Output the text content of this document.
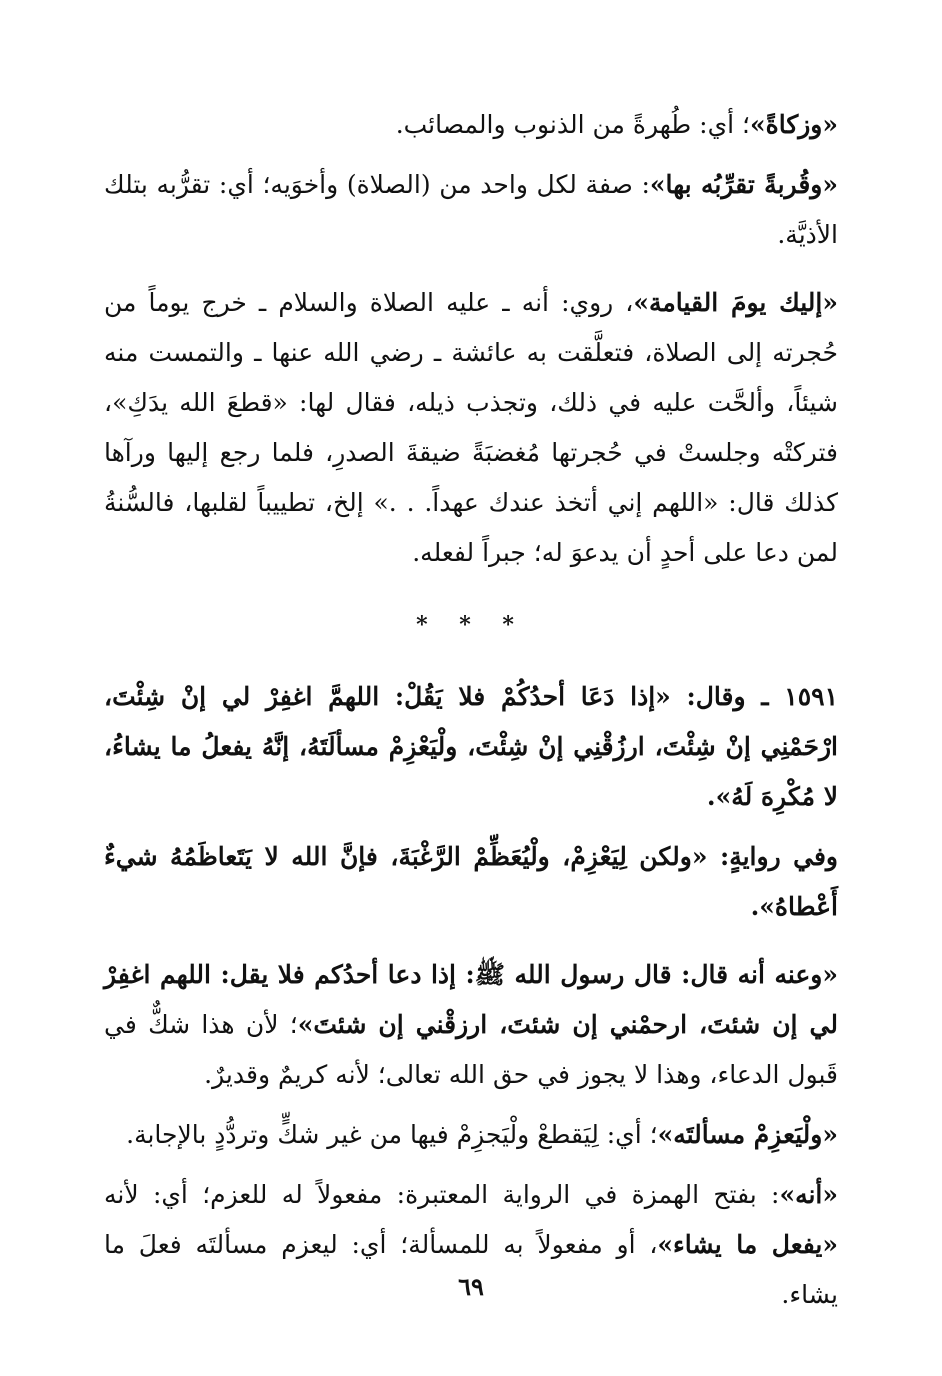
«وزكاةً»؛ أي: طُهرةً من الذنوب والمصائب.

«وقُربةً تقرِّبُه بها»: صفة لكل واحد من (الصلاة) وأخوَيه؛ أي: تقرُّبه بتلك الأذيَّة.

«إليك يومَ القيامة»، روي: أنه ـ عليه الصلاة والسلام ـ خرج يوماً من حُجرته إلى الصلاة، فتعلَّقت به عائشة ـ رضي الله عنها ـ والتمست منه شيئاً، وألحَّت عليه في ذلك، وتجذب ذيله، فقال لها: «قطعَ الله يدَكِ»، فتركتْه وجلستْ في حُجرتها مُغضبَةً ضيقةَ الصدرِ، فلما رجع إليها ورآها كذلك قال: «اللهم إني أتخذ عندك عهداً. . .» إلخ، تطييباً لقلبها، فالسُّنةُ لمن دعا على أحدٍ أن يدعوَ له؛ جبراً لفعله.

* * *

١٥٩١ ـ وقال: «إذا دَعَا أحدُكُمْ فلا يَقُلْ: اللهمَّ اغفِرْ لي إنْ شِئْتَ، ارْحَمْنِي إنْ شِئْتَ، ارزُقْنِي إنْ شِئْتَ، ولْيَعْزِمْ مسألَتَهُ، إنَّهُ يفعلُ ما يشاءُ، لا مُكْرِهَ لَهُ».

وفي روايةٍ: «ولكن لِيَعْزِمْ، ولْيُعَظِّمْ الرَّغْبَةَ، فإنَّ الله لا يَتَعاظَمُهُ شيءٌ أَعْطاهُ».

«وعنه أنه قال: قال رسول الله ﷺ: إذا دعا أحدُكم فلا يقل: اللهم اغفِرْ لي إن شئتَ، ارحمْني إن شئتَ، ارزقْني إن شئتَ»؛ لأن هذا شكٌّ في قَبول الدعاء، وهذا لا يجوز في حق الله تعالى؛ لأنه كريمٌ وقديرٌ.

«ولْيَعزِمْ مسألتَه»؛ أي: لِيَقطعْ ولْيَجزِمْ فيها من غير شكٍّ وتردُّدٍ بالإجابة.

«أنه»: بفتح الهمزة في الرواية المعتبرة: مفعولاً له للعزم؛ أي: لأنه «يفعل ما يشاء»، أو مفعولاً به للمسألة؛ أي: ليعزم مسألتَه فعلَ ما يشاء.

٦٩
